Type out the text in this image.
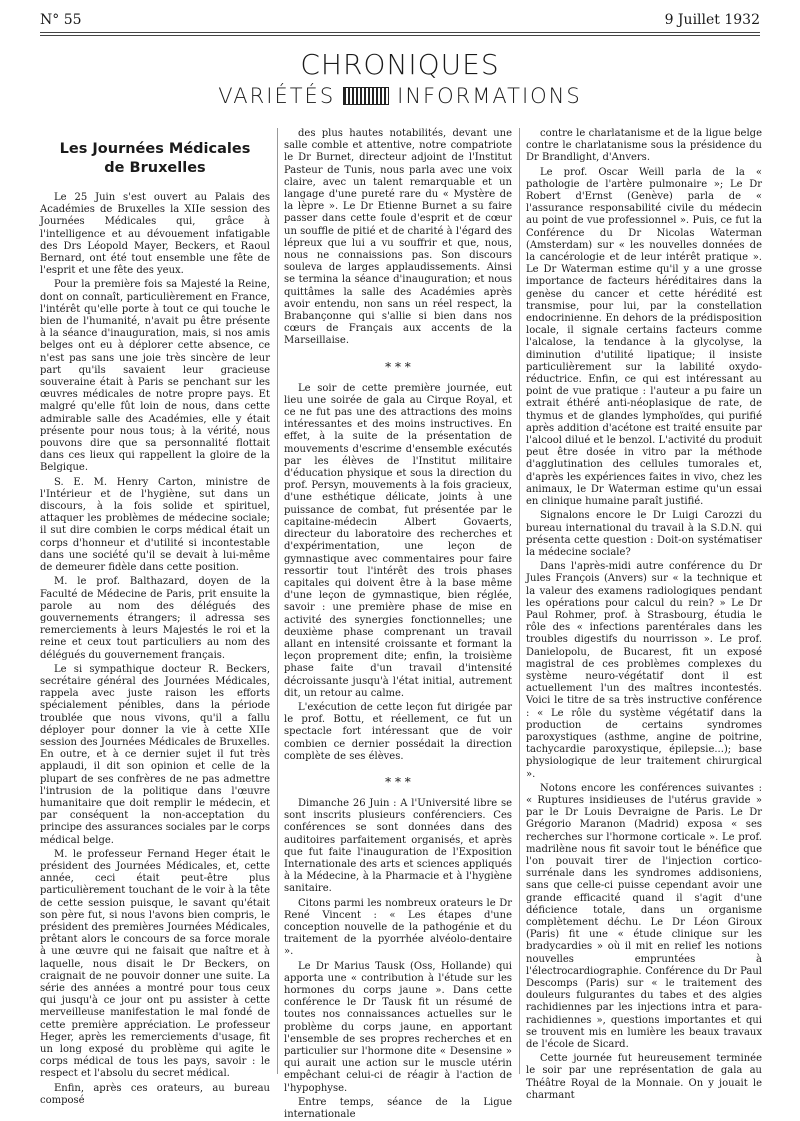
N° 55	9 Juillet 1932
CHRONIQUES
VARIÉTÉS	INFORMATIONS
Les Journées Médicales
de Bruxelles

Le 25 Juin s'est ouvert au Palais des Académies de Bruxelles la XIIe session des Journées Médicales qui, grâce à l'intelligence et au dévouement infatigable des Drs Léopold Mayer, Beckers, et Raoul Bernard, ont été tout ensemble une fête de l'esprit et une fête des yeux.

Pour la première fois sa Majesté la Reine, dont on connaît, particulièrement en France, l'intérêt qu'elle porte à tout ce qui touche le bien de l'humanité, n'avait pu être présente à la séance d'inauguration, mais, si nos amis belges ont eu à déplorer cette absence, ce n'est pas sans une joie très sincère de leur part qu'ils savaient leur gracieuse souveraine était à Paris se penchant sur les œuvres médicales de notre propre pays. Et malgré qu'elle fût loin de nous, dans cette admirable salle des Académies, elle y était présente pour nous tous; à la vérité, nous pouvons dire que sa personnalité flottait dans ces lieux qui rappellent la gloire de la Belgique.

S. E. M. Henry Carton, ministre de l'Intérieur et de l'hygiène, sut dans un discours, à la fois solide et spirituel, attaquer les problèmes de médecine sociale; il sut dire combien le corps médical était un corps d'honneur et d'utilité si incontestable dans une société qu'il se devait à lui-même de demeurer fidèle dans cette position.

M. le prof. Balthazard, doyen de la Faculté de Médecine de Paris, prit ensuite la parole au nom des délégués des gouvernements étrangers; il adressa ses remerciements à leurs Majestés le roi et la reine et ceux tout particuliers au nom des délégués du gouvernement français.

Le si sympathique docteur R. Beckers, secrétaire général des Journées Médicales, rappela avec juste raison les efforts spécialement pénibles, dans la période troublée que nous vivons, qu'il a fallu déployer pour donner la vie à cette XIIe session des Journées Médicales de Bruxelles. En outre, et à ce dernier sujet il fut très applaudi, il dit son opinion et celle de la plupart de ses confrères de ne pas admettre l'intrusion de la politique dans l'œuvre humanitaire que doit remplir le médecin, et par conséquent la non-acceptation du principe des assurances sociales par le corps médical belge.

M. le professeur Fernand Heger était le président des Journées Médicales, et, cette année, ceci était peut-être plus particulièrement touchant de le voir à la tête de cette session puisque, le savant qu'était son père fut, si nous l'avons bien compris, le président des premières Journées Médicales, prêtant alors le concours de sa force morale à une œuvre qui ne faisait que naître et à laquelle, nous disait le Dr Beckers, on craignait de ne pouvoir donner une suite. La série des années a montré pour tous ceux qui jusqu'à ce jour ont pu assister à cette merveilleuse manifestation le mal fondé de cette première appréciation. Le professeur Heger, après les remerciements d'usage, fit un long exposé du problème qui agite le corps médical de tous les pays, savoir : le respect et l'absolu du secret médical.

Enfin, après ces orateurs, au bureau composé

des plus hautes notabilités, devant une salle comble et attentive, notre compatriote le Dr Burnet, directeur adjoint de l'Institut Pasteur de Tunis, nous parla avec une voix claire, avec un talent remarquable et un langage d'une pureté rare du « Mystère de la lèpre ». Le Dr Etienne Burnet a su faire passer dans cette foule d'esprit et de cœur un souffle de pitié et de charité à l'égard des lépreux que lui a vu souffrir et que, nous, nous ne connaissions pas. Son discours souleva de larges applaudissements. Ainsi se termina la séance d'inauguration; et nous quittâmes la salle des Académies après avoir entendu, non sans un réel respect, la Brabançonne qui s'allie si bien dans nos cœurs de Français aux accents de la Marseillaise.

* * *

Le soir de cette première journée, eut lieu une soirée de gala au Cirque Royal, et ce ne fut pas une des attractions des moins intéressantes et des moins instructives. En effet, à la suite de la présentation de mouvements d'escrime d'ensemble exécutés par les élèves de l'Institut militaire d'éducation physique et sous la direction du prof. Persyn, mouvements à la fois gracieux, d'une esthétique délicate, joints à une puissance de combat, fut présentée par le capitaine-médecin Albert Govaerts, directeur du laboratoire des recherches et d'expérimentation, une leçon de gymnastique avec commentaires pour faire ressortir tout l'intérêt des trois phases capitales qui doivent être à la base même d'une leçon de gymnastique, bien réglée, savoir : une première phase de mise en activité des synergies fonctionnelles; une deuxième phase comprenant un travail allant en intensité croissante et formant la leçon proprement dite; enfin, la troisième phase faite d'un travail d'intensité décroissante jusqu'à l'état initial, autrement dit, un retour au calme.

L'exécution de cette leçon fut dirigée par le prof. Bottu, et réellement, ce fut un spectacle fort intéressant que de voir combien ce dernier possédait la direction complète de ses élèves.

* * *

Dimanche 26 Juin : A l'Université libre se sont inscrits plusieurs conférenciers. Ces conférences se sont données dans des auditoires parfaitement organisés, et après que fut faite l'inauguration de l'Exposition Internationale des arts et sciences appliqués à la Médecine, à la Pharmacie et à l'hygiène sanitaire.

Citons parmi les nombreux orateurs le Dr René Vincent : « Les étapes d'une conception nouvelle de la pathogénie et du traitement de la pyorrhée alvéolo-dentaire ».

Le Dr Marius Tausk (Oss, Hollande) qui apporta une « contribution à l'étude sur les hormones du corps jaune ». Dans cette conférence le Dr Tausk fit un résumé de toutes nos connaissances actuelles sur le problème du corps jaune, en apportant l'ensemble de ses propres recherches et en particulier sur l'hormone dite « Desensine » qui aurait une action sur le muscle utérin empêchant celui-ci de réagir à l'action de l'hypophyse.

Entre temps, séance de la Ligue internationale

contre le charlatanisme et de la ligue belge contre le charlatanisme sous la présidence du Dr Brandlight, d'Anvers.

Le prof. Oscar Weill parla de la « pathologie de l'artère pulmonaire »; Le Dr Robert d'Ernst (Genève) parla de « l'assurance responsabilité civile du médecin au point de vue professionnel ». Puis, ce fut la Conférence du Dr Nicolas Waterman (Amsterdam) sur « les nouvelles données de la cancérologie et de leur intérêt pratique ». Le Dr Waterman estime qu'il y a une grosse importance de facteurs héréditaires dans la genèse du cancer et cette hérédité est transmise, pour lui, par la constellation endocrinienne. En dehors de la prédisposition locale, il signale certains facteurs comme l'alcalose, la tendance à la glycolyse, la diminution d'utilité lipatique; il insiste particulièrement sur la labilité oxydo-réductrice. Enfin, ce qui est intéressant au point de vue pratique : l'auteur a pu faire un extrait éthéré anti-néoplasique de rate, de thymus et de glandes lymphoïdes, qui purifié après addition d'acétone est traité ensuite par l'alcool dilué et le benzol. L'activité du produit peut être dosée in vitro par la méthode d'agglutination des cellules tumorales et, d'après les expériences faites in vivo, chez les animaux, le Dr Waterman estime qu'un essai en clinique humaine paraît justifié.

Signalons encore le Dr Luigi Carozzi du bureau international du travail à la S.D.N. qui présenta cette question : Doit-on systématiser la médecine sociale?

Dans l'après-midi autre conférence du Dr Jules François (Anvers) sur « la technique et la valeur des examens radiologiques pendant les opérations pour calcul du rein? » Le Dr Paul Rohmer, prof. à Strasbourg, étudia le rôle des « infections parentérales dans les troubles digestifs du nourrisson ». Le prof. Danielopolu, de Bucarest, fit un exposé magistral de ces problèmes complexes du système neuro-végétatif dont il est actuellement l'un des maîtres incontestés. Voici le titre de sa très instructive conférence : « Le rôle du système végétatif dans la production de certains syndromes paroxystiques (asthme, angine de poitrine, tachycardie paroxystique, épilepsie...); base physiologique de leur traitement chirurgical ».

Notons encore les conférences suivantes : « Ruptures insidieuses de l'utérus gravide » par le Dr Louis Devraigne de Paris. Le Dr Grégorio Maranon (Madrid) exposa « ses recherches sur l'hormone corticale ». Le prof. madrilène nous fit savoir tout le bénéfice que l'on pouvait tirer de l'injection cortico-surrénale dans les syndromes addisoniens, sans que celle-ci puisse cependant avoir une grande efficacité quand il s'agit d'une déficience totale, dans un organisme complètement déchu. Le Dr Léon Giroux (Paris) fit une « étude clinique sur les bradycardies » où il mit en relief les notions nouvelles empruntées à l'électrocardiographie. Conférence du Dr Paul Descomps (Paris) sur « le traitement des douleurs fulgurantes du tabes et des algies rachidiennes par les injections intra et para-rachidiennes », questions importantes et qui se trouvent mis en lumière les beaux travaux de l'école de Sicard.

Cette journée fut heureusement terminée le soir par une représentation de gala au Théâtre Royal de la Monnaie. On y jouait le charmant
